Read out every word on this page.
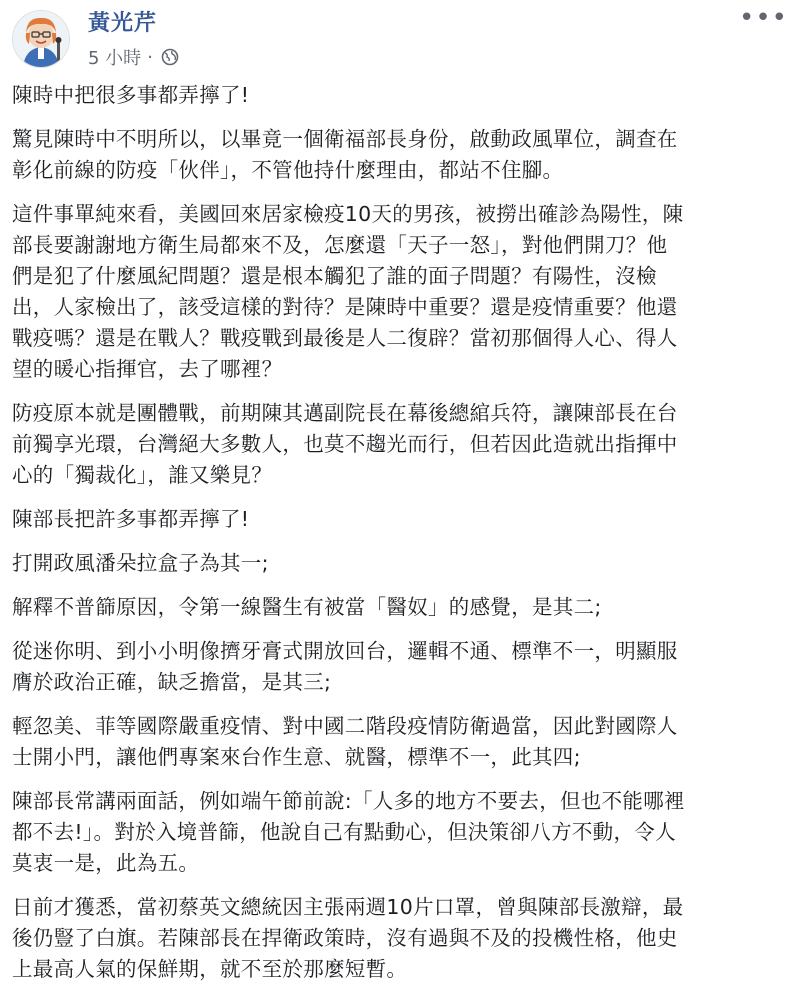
黃光芹
5 小時 ·
•••

陳時中把很多事都弄擰了!

驚見陳時中不明所以，以畢竟一個衛福部長身份，啟動政風單位，調查在
彰化前線的防疫「伙伴」，不管他持什麼理由，都站不住腳。

這件事單純來看，美國回來居家檢疫10天的男孩，被撈出確診為陽性，陳
部長要謝謝地方衛生局都來不及，怎麼還「天子一怒」，對他們開刀？他
們是犯了什麼風紀問題？還是根本觸犯了誰的面子問題？有陽性，沒檢
出，人家檢出了，該受這樣的對待？是陳時中重要？還是疫情重要？他還
戰疫嗎？還是在戰人？戰疫戰到最後是人二復辟？當初那個得人心、得人
望的暖心指揮官，去了哪裡？

防疫原本就是團體戰，前期陳其邁副院長在幕後總綰兵符，讓陳部長在台
前獨享光環，台灣絕大多數人，也莫不趨光而行，但若因此造就出指揮中
心的「獨裁化」，誰又樂見？

陳部長把許多事都弄擰了!

打開政風潘朵拉盒子為其一;

解釋不普篩原因，令第一線醫生有被當「醫奴」的感覺，是其二;

從迷你明、到小小明像擠牙膏式開放回台，邏輯不通、標準不一，明顯服
膺於政治正確，缺乏擔當，是其三;

輕忽美、菲等國際嚴重疫情、對中國二階段疫情防衛過當，因此對國際人
士開小門，讓他們專案來台作生意、就醫，標準不一，此其四;

陳部長常講兩面話，例如端午節前說:「人多的地方不要去，但也不能哪裡
都不去!」。對於入境普篩，他說自己有點動心，但決策卻八方不動，令人
莫衷一是，此為五。

日前才獲悉，當初蔡英文總統因主張兩週10片口罩，曾與陳部長激辯，最
後仍豎了白旗。若陳部長在捍衛政策時，沒有過與不及的投機性格，他史
上最高人氣的保鮮期，就不至於那麼短暫。
